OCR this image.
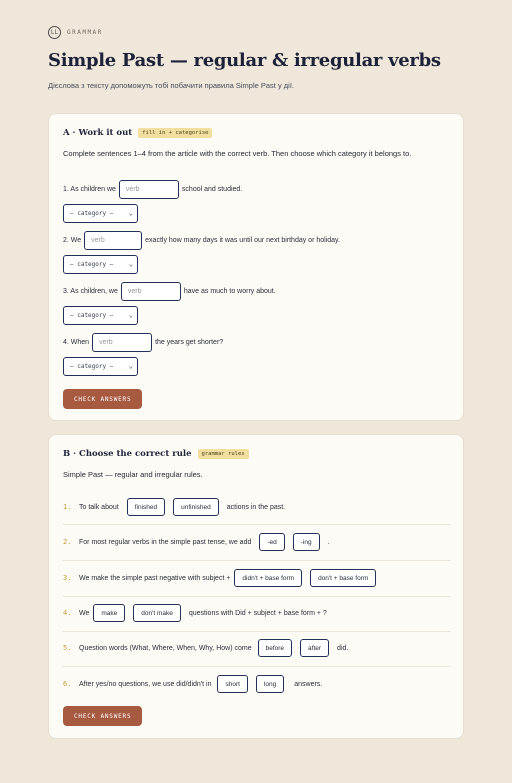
LL	GRAMMAR
Simple Past — regular & irregular verbs
Дієслова з тексту допоможуть тобі побачити правила Simple Past у дії.
A · Work it out	fill in + categorise
Complete sentences 1–4 from the article with the correct verb. Then choose which category it belongs to.
1. As children we	verb	school and studied.
— category — ⌄
2. We	verb	exactly how many days it was until our next birthday or holiday.
— category — ⌄
3. As children, we	verb	have as much to worry about.
— category — ⌄
4. When	verb	the years get shorter?
— category — ⌄
CHECK ANSWERS
B · Choose the correct rule	grammar rules
Simple Past — regular and irregular rules.
1.	To talk about	finished	unfinished	actions in the past.
2.	For most regular verbs in the simple past tense, we add	-ed	-ing	.
3.	We make the simple past negative with subject +	didn't + base form	don't + base form
4.	We	make	don't make	questions with Did + subject + base form + ?
5.	Question words (What, Where, When, Why, How) come	before	after	did.
6.	After yes/no questions, we use did/didn't in	short	long	answers.
CHECK ANSWERS
